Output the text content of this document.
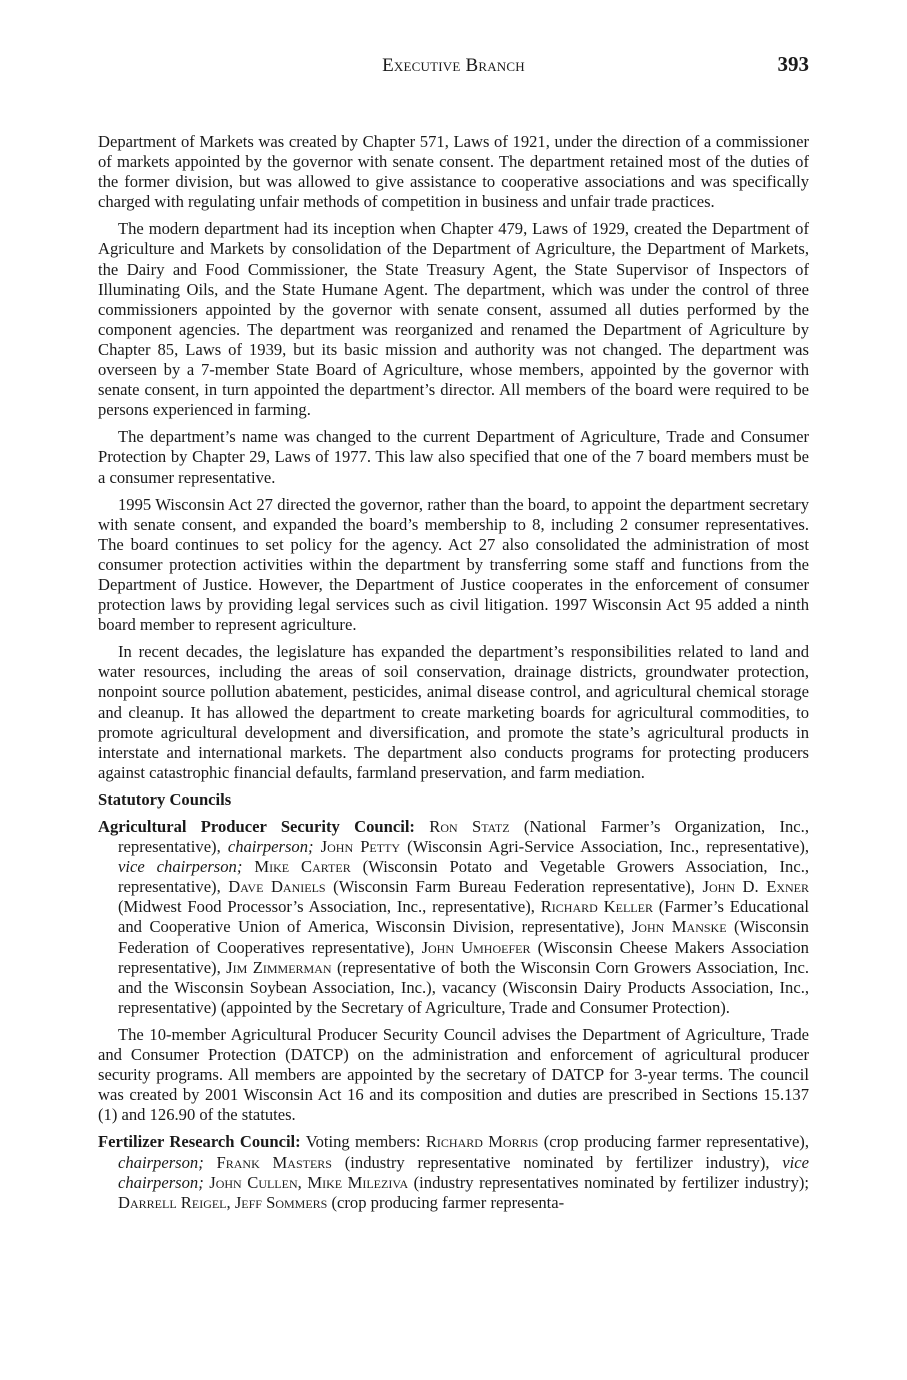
Executive Branch	393

Department of Markets was created by Chapter 571, Laws of 1921, under the direction of a commissioner of markets appointed by the governor with senate consent. The department retained most of the duties of the former division, but was allowed to give assistance to cooperative associations and was specifically charged with regulating unfair methods of competition in business and unfair trade practices.

The modern department had its inception when Chapter 479, Laws of 1929, created the Department of Agriculture and Markets by consolidation of the Department of Agriculture, the Department of Markets, the Dairy and Food Commissioner, the State Treasury Agent, the State Supervisor of Inspectors of Illuminating Oils, and the State Humane Agent. The department, which was under the control of three commissioners appointed by the governor with senate consent, assumed all duties performed by the component agencies. The department was reorganized and renamed the Department of Agriculture by Chapter 85, Laws of 1939, but its basic mission and authority was not changed. The department was overseen by a 7-member State Board of Agriculture, whose members, appointed by the governor with senate consent, in turn appointed the department’s director. All members of the board were required to be persons experienced in farming.

The department’s name was changed to the current Department of Agriculture, Trade and Consumer Protection by Chapter 29, Laws of 1977. This law also specified that one of the 7 board members must be a consumer representative.

1995 Wisconsin Act 27 directed the governor, rather than the board, to appoint the department secretary with senate consent, and expanded the board’s membership to 8, including 2 consumer representatives. The board continues to set policy for the agency. Act 27 also consolidated the administration of most consumer protection activities within the department by transferring some staff and functions from the Department of Justice. However, the Department of Justice cooperates in the enforcement of consumer protection laws by providing legal services such as civil litigation. 1997 Wisconsin Act 95 added a ninth board member to represent agriculture.

In recent decades, the legislature has expanded the department’s responsibilities related to land and water resources, including the areas of soil conservation, drainage districts, groundwater protection, nonpoint source pollution abatement, pesticides, animal disease control, and agricultural chemical storage and cleanup. It has allowed the department to create marketing boards for agricultural commodities, to promote agricultural development and diversification, and promote the state’s agricultural products in interstate and international markets. The department also conducts programs for protecting producers against catastrophic financial defaults, farmland preservation, and farm mediation.

Statutory Councils
Agricultural Producer Security Council: Ron Statz (National Farmer’s Organization, Inc., representative), chairperson; John Petty (Wisconsin Agri-Service Association, Inc., representative), vice chairperson; Mike Carter (Wisconsin Potato and Vegetable Growers Association, Inc., representative), Dave Daniels (Wisconsin Farm Bureau Federation representative), John D. Exner (Midwest Food Processor’s Association, Inc., representative), Richard Keller (Farmer’s Educational and Cooperative Union of America, Wisconsin Division, representative), John Manske (Wisconsin Federation of Cooperatives representative), John Umhoefer (Wisconsin Cheese Makers Association representative), Jim Zimmerman (representative of both the Wisconsin Corn Growers Association, Inc. and the Wisconsin Soybean Association, Inc.), vacancy (Wisconsin Dairy Products Association, Inc., representative) (appointed by the Secretary of Agriculture, Trade and Consumer Protection).

The 10-member Agricultural Producer Security Council advises the Department of Agriculture, Trade and Consumer Protection (DATCP) on the administration and enforcement of agricultural producer security programs. All members are appointed by the secretary of DATCP for 3-year terms. The council was created by 2001 Wisconsin Act 16 and its composition and duties are prescribed in Sections 15.137 (1) and 126.90 of the statutes.

Fertilizer Research Council: Voting members: Richard Morris (crop producing farmer representative), chairperson; Frank Masters (industry representative nominated by fertilizer industry), vice chairperson; John Cullen, Mike Mileziva (industry representatives nominated by fertilizer industry); Darrell Reigel, Jeff Sommers (crop producing farmer representa-
